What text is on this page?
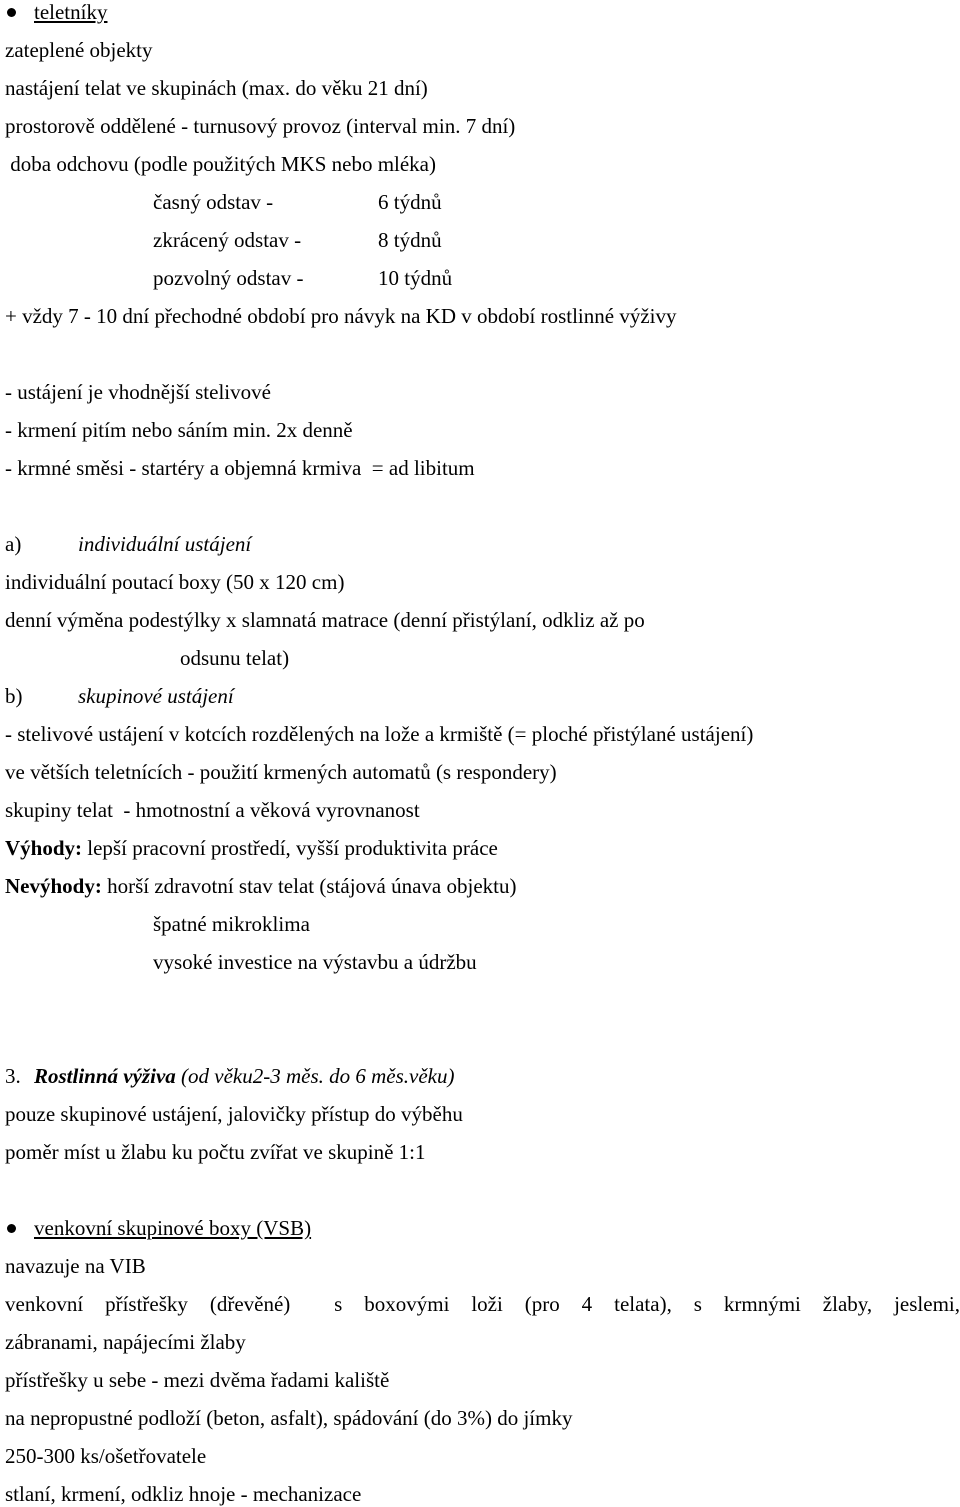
teletníky
zateplené objekty
nastájení telat ve skupinách (max. do věku 21 dní)
prostorově oddělené - turnusový provoz (interval min. 7 dní)
doba odchovu (podle použitých MKS nebo mléka)
časný odstav -	6 týdnů
zkrácený odstav -	8 týdnů
pozvolný odstav -	10 týdnů
+ vždy 7 - 10 dní přechodné období pro návyk na KD v období rostlinné výživy
- ustájení je vhodnější stelivové
- krmení pitím nebo sáním min. 2x denně
- krmné směsi - startéry a objemná krmiva  = ad libitum
a)	individuální ustájení
individuální poutací boxy (50 x 120 cm)
denní výměna podestýlky x slamnatá matrace (denní přistýlaní, odkliz až po
odsunu telat)
b)	skupinové ustájení
- stelivové ustájení v kotcích rozdělených na lože a krmiště (= ploché přistýlané ustájení)
ve větších teletnících - použití krmených automatů (s respondery)
skupiny telat  - hmotnostní a věková vyrovnanost
Výhody: lepší pracovní prostředí, vyšší produktivita práce
Nevýhody: horší zdravotní stav telat (stájová únava objektu)
špatné mikroklima
vysoké investice na výstavbu a údržbu
3. Rostlinná výživa (od věku2-3 měs. do 6 měs.věku)
pouze skupinové ustájení, jalovičky přístup do výběhu
poměr míst u žlabu ku počtu zvířat ve skupině 1:1
venkovní skupinové boxy (VSB)
navazuje na VIB
venkovní přístřešky (dřevěné)  s boxovými loži (pro 4 telata), s krmnými žlaby, jeslemi,
zábranami, napájecími žlaby
přístřešky u sebe - mezi dvěma řadami kaliště
na nepropustné podloží (beton, asfalt), spádování (do 3%) do jímky
250-300 ks/ošetřovatele
stlaní, krmení, odkliz hnoje - mechanizace
